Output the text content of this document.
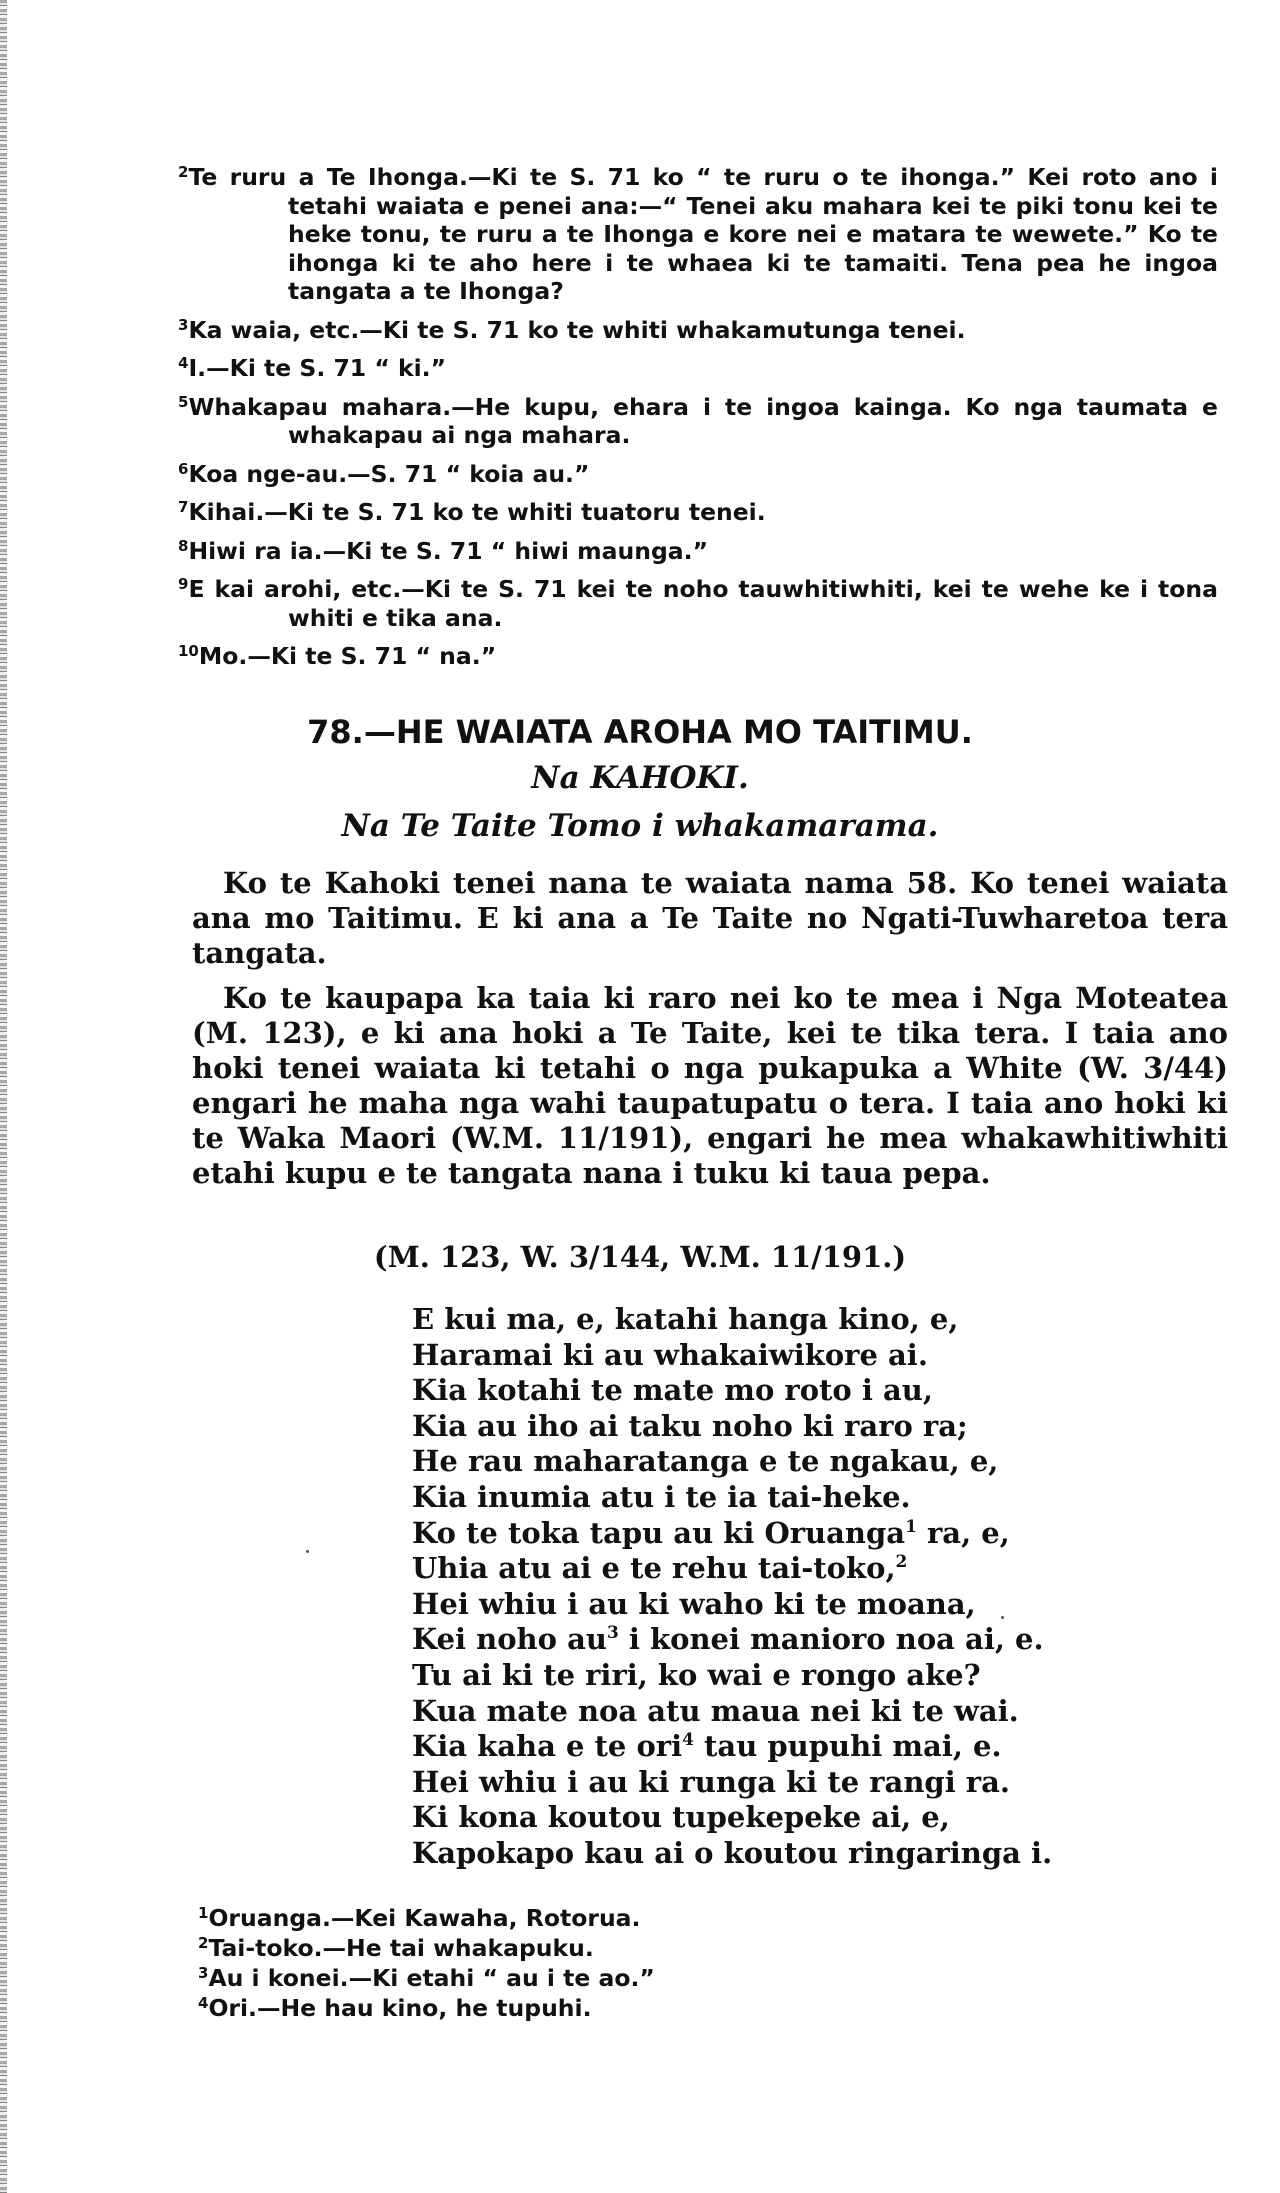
$^2$Te ruru a Te Ihonga.—Ki te S. 71 ko “ te ruru o te ihonga.” Kei roto ano i tetahi waiata e penei ana:—“ Tenei aku mahara kei te piki tonu kei te heke tonu, te ruru a te Ihonga e kore nei e matara te wewete.” Ko te ihonga ki te aho here i te whaea ki te tamaiti. Tena pea he ingoa tangata a te Ihonga?
$^3$Ka waia, etc.—Ki te S. 71 ko te whiti whakamutunga tenei.
$^4$I.—Ki te S. 71 “ ki.”
$^5$Whakapau mahara.—He kupu, ehara i te ingoa kainga. Ko nga taumata e whakapau ai nga mahara.
$^6$Koa nge-au.—S. 71 “ koia au.”
$^7$Kihai.—Ki te S. 71 ko te whiti tuatoru tenei.
$^8$Hiwi ra ia.—Ki te S. 71 “ hiwi maunga.”
$^9$E kai arohi, etc.—Ki te S. 71 kei te noho tauwhitiwhiti, kei te wehe ke i tona whiti e tika ana.
$^{10}$Mo.—Ki te S. 71 “ na.”
78.—HE WAIATA AROHA MO TAITIMU.
Na KAHOKI.
Na Te Taite Tomo i whakamarama.

Ko te Kahoki tenei nana te waiata nama 58. Ko tenei waiata ana mo Taitimu. E ki ana a Te Taite no Ngati-Tuwharetoa tera tangata.

Ko te kaupapa ka taia ki raro nei ko te mea i Nga Moteatea (M. 123), e ki ana hoki a Te Taite, kei te tika tera. I taia ano hoki tenei waiata ki tetahi o nga pukapuka a White (W. 3/44) engari he maha nga wahi taupatupatu o tera. I taia ano hoki ki te Waka Maori (W.M. 11/191), engari he mea whakawhitiwhiti etahi kupu e te tangata nana i tuku ki taua pepa.

(M. 123, W. 3/144, W.M. 11/191.)
E kui ma, e, katahi hanga kino, e,
Haramai ki au whakaiwikore ai.
Kia kotahi te mate mo roto i au,
Kia au iho ai taku noho ki raro ra;
He rau maharatanga e te ngakau, e,
Kia inumia atu i te ia tai-heke.
Ko te toka tapu au ki Oruanga$^1$ ra, e,
Uhia atu ai e te rehu tai-toko,$^2$
Hei whiu i au ki waho ki te moana,
Kei noho $au^3$ i konei manioro noa ai, e.
Tu ai ki te riri, ko wai e rongo ake?
Kua mate noa atu maua nei ki te wai.
Kia kaha e te ori$^4$ tau pupuhi mai, e.
Hei whiu i au ki runga ki te rangi ra.
Ki kona koutou tupekepeke ai, e,
Kapokapo kau ai o koutou ringaringa i.
$^1$Oruanga.—Kei Kawaha, Rotorua.
$^2$Tai-toko.—He tai whakapuku.
$^3$Au i konei.—Ki etahi “ au i te ao.”
$^4$Ori.—He hau kino, he tupuhi.
